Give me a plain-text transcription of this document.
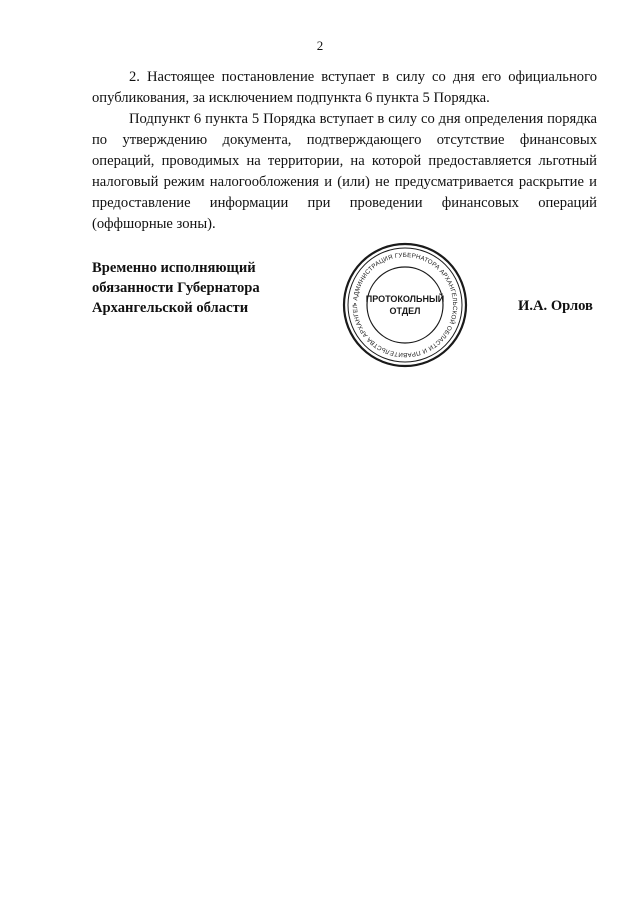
2

2. Настоящее постановление вступает в силу со дня его официального опубликования, за исключением подпункта 6 пункта 5 Порядка.

Подпункт 6 пункта 5 Порядка вступает в силу со дня определения порядка по утверждению документа, подтверждающего отсутствие финансовых операций, проводимых на территории, на которой предоставляется льготный налоговый режим налогообложения и (или) не предусматривается раскрытие и предоставление информации при проведении финансовых операций (оффшорные зоны).

Временно исполняющий
обязанности Губернатора
Архангельской области	• АДМИНИСТРАЦИЯ ГУБЕРНАТОРА АРХАНГЕЛЬСКОЙ ОБЛАСТИ И ПРАВИТЕЛЬСТВА АРХАНГЕЛ
ПРОТОКОЛЬНЫЙ
ОТДЕЛ	И.А. Орлов
